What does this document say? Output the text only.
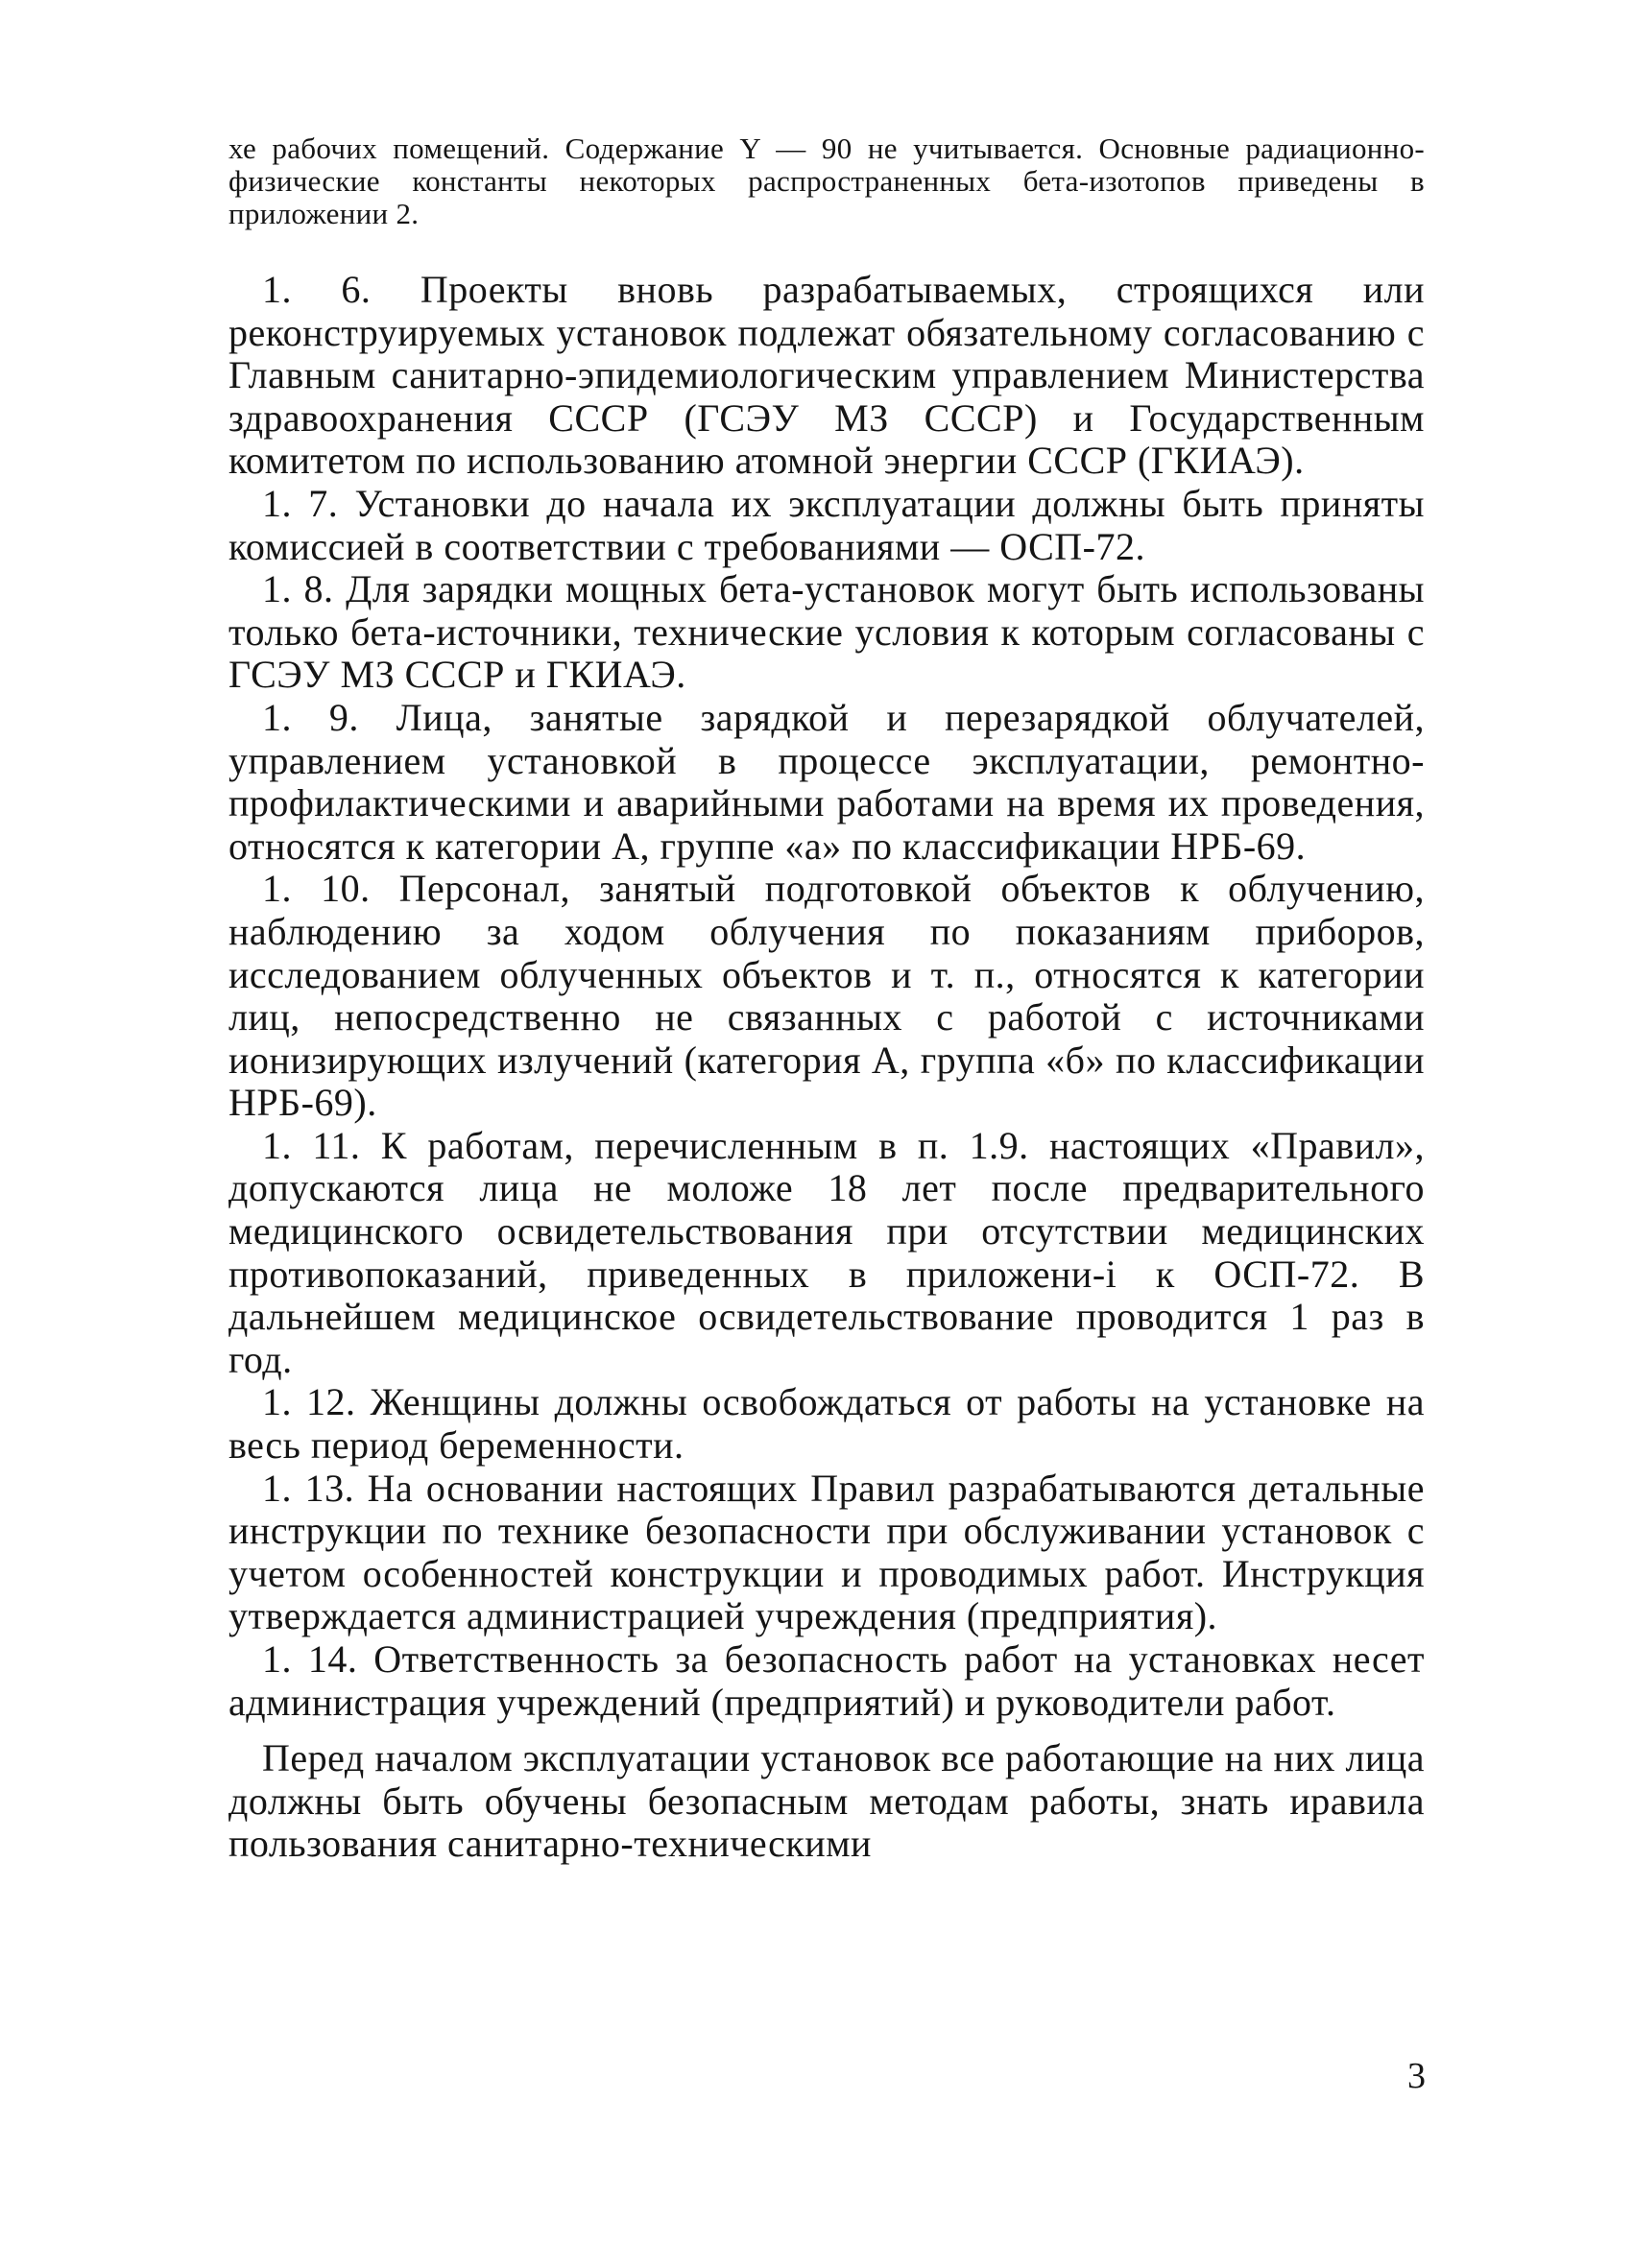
хе рабочих помещений. Содержание Y — 90 не учитывается. Основные радиационно-физические константы некоторых распространенных бета-изотопов приведены в приложении 2.

1. 6. Проекты вновь разрабатываемых, строящихся или реконструируемых установок подлежат обязательному согласованию с Главным санитарно-эпидемиологическим управлением Министерства здравоохранения СССР (ГСЭУ МЗ СССР) и Государственным комитетом по использованию атомной энергии СССР (ГКИАЭ).

1. 7. Установки до начала их эксплуатации должны быть приняты комиссией в соответствии с требованиями — ОСП-72.

1. 8. Для зарядки мощных бета-установок могут быть использованы только бета-источники, технические условия к которым согласованы с ГСЭУ МЗ СССР и ГКИАЭ.

1. 9. Лица, занятые зарядкой и перезарядкой облучателей, управлением установкой в процессе эксплуатации, ремонтно-профилактическими и аварийными работами на время их проведения, относятся к категории А, группе «а» по классификации НРБ-69.

1. 10. Персонал, занятый подготовкой объектов к облучению, наблюдению за ходом облучения по показаниям приборов, исследованием облученных объектов и т. п., относятся к категории лиц, непосредственно не связанных с работой с источниками ионизирующих излучений (категория А, группа «б» по классификации НРБ-69).

1. 11. К работам, перечисленным в п. 1.9. настоящих «Правил», допускаются лица не моложе 18 лет после предварительного медицинского освидетельствования при отсутствии медицинских противопоказаний, приведенных в приложени-і к ОСП-72. В дальнейшем медицинское освидетельствование проводится 1 раз в год.

1. 12. Женщины должны освобождаться от работы на установке на весь период беременности.

1. 13. На основании настоящих Правил разрабатываются детальные инструкции по технике безопасности при обслуживании установок с учетом особенностей конструкции и проводимых работ. Инструкция утверждается администрацией учреждения (предприятия).

1. 14. Ответственность за безопасность работ на установках несет администрация учреждений (предприятий) и руководители работ.

Перед началом эксплуатации установок все работающие на них лица должны быть обучены безопасным методам работы, знать иравила пользования санитарно-техническими

3
